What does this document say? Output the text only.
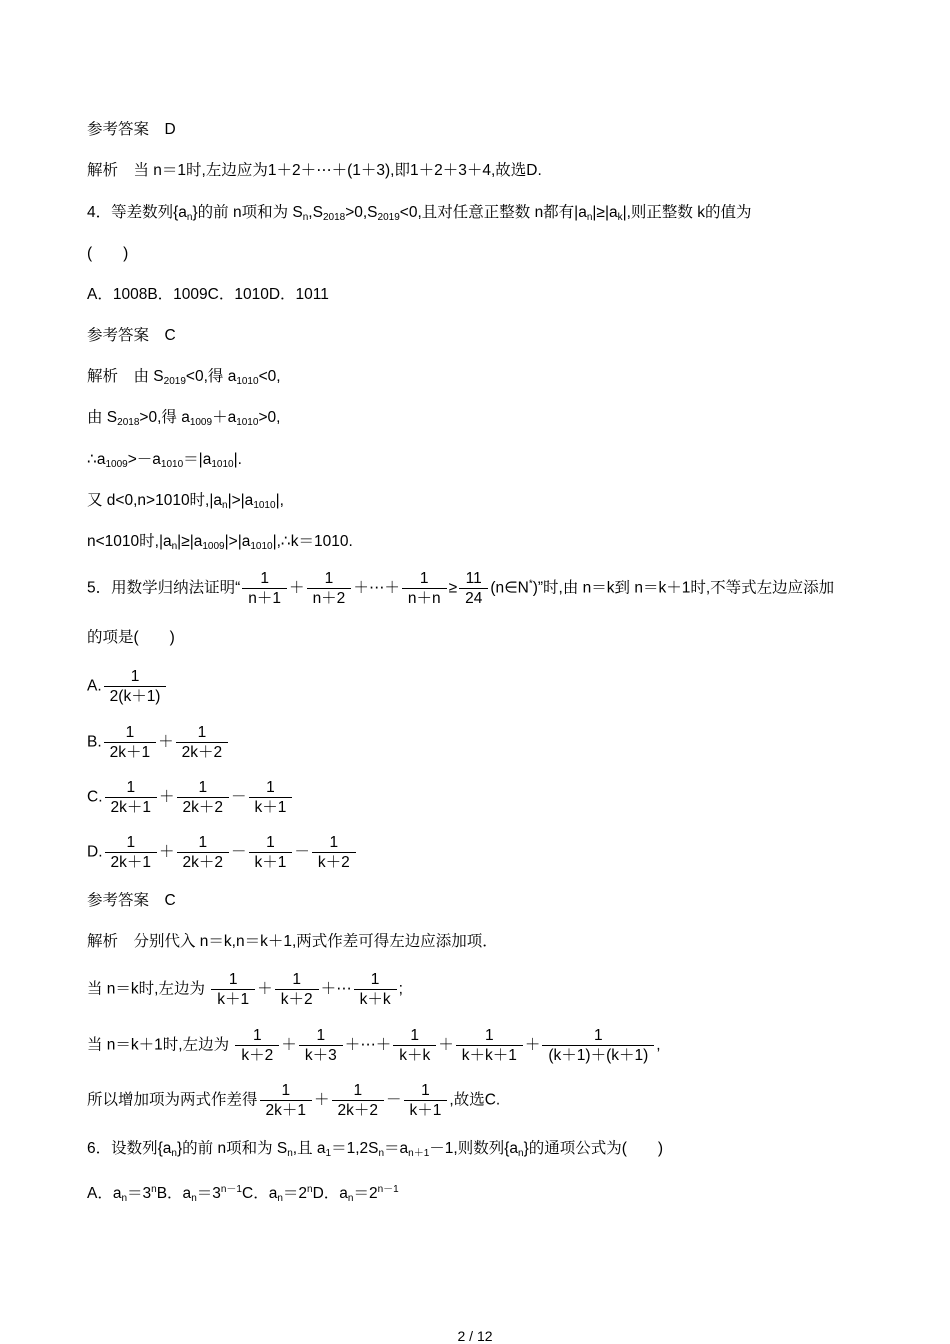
参考答案　D
解析　当 n＝1时,左边应为1＋2＋⋯＋(1＋3),即1＋2＋3＋4,故选D.
4．等差数列$\{a_n\}$的前 n项和为 $S_n,S_{2018}>0,S_{2019}<0$,且对任意正整数 n都有$|a_n|\ge|a_k|$,则正整数 k的值为
(　　)
A．1008B．1009C．1010D．1011
参考答案　C
解析　由 $S_{2019}<0$,得 $a_{1010}<0$,
由 $S_{2018}>0$,得 $a_{1009}+a_{1010}>0$,
$\therefore a_{1009}>-a_{1010}=|a_{1010}|$.
又 d<0,n>1010时$,|a_n|>|a_{1010}|$,
n<1010时$,|a_n|\ge|a_{1009}|>|a_{1010}|,\therefore k=1010$.
5．用数学归纳法证明“ $\frac{1}{n+1} + \frac{1}{n+2}$ ＋⋯＋ $\frac{1}{n+n} \ge \frac{11}{24}$ (n∈N*)”时,由 n＝k到 n＝k＋1时,不等式左边应添加
的项是(　　)
A. $\frac{1}{2(k+1)}$
B. $\frac{1}{2k+1} + \frac{1}{2k+2}$
C. $\frac{1}{2k+1} + \frac{1}{2k+2} - \frac{1}{k+1}$
D. $\frac{1}{2k+1} + \frac{1}{2k+2} - \frac{1}{k+1} - \frac{1}{k+2}$
参考答案　C
解析　分别代入 n＝k,n＝k＋1,两式作差可得左边应添加项．
当 n＝k时,左边为 $\frac{1}{k+1} + \frac{1}{k+2}$ ＋⋯ $\frac{1}{k+k}$ ;
当 n＝k＋1时,左边为 $\frac{1}{k+2} + \frac{1}{k+3}$ ＋⋯＋ $\frac{1}{k+k} + \frac{1}{k+k+1} + \frac{1}{(k+1)+(k+1)}$ ,
所以增加项为两式作差得 $\frac{1}{2k+1} + \frac{1}{2k+2} - \frac{1}{k+1}$ ,故选C.
6．设数列$\{a_n\}$的前 n项和为 $S_n$,且 $a_1=1,2S_n=a_{n+1}-1$,则数列$\{a_n\}$的通项公式为(　　)
A．$a_n=3^nB$．$a_n=3^{n-1}C$．$a_n=2^nD$．$a_n=2^{n-1}$
2 / 12
